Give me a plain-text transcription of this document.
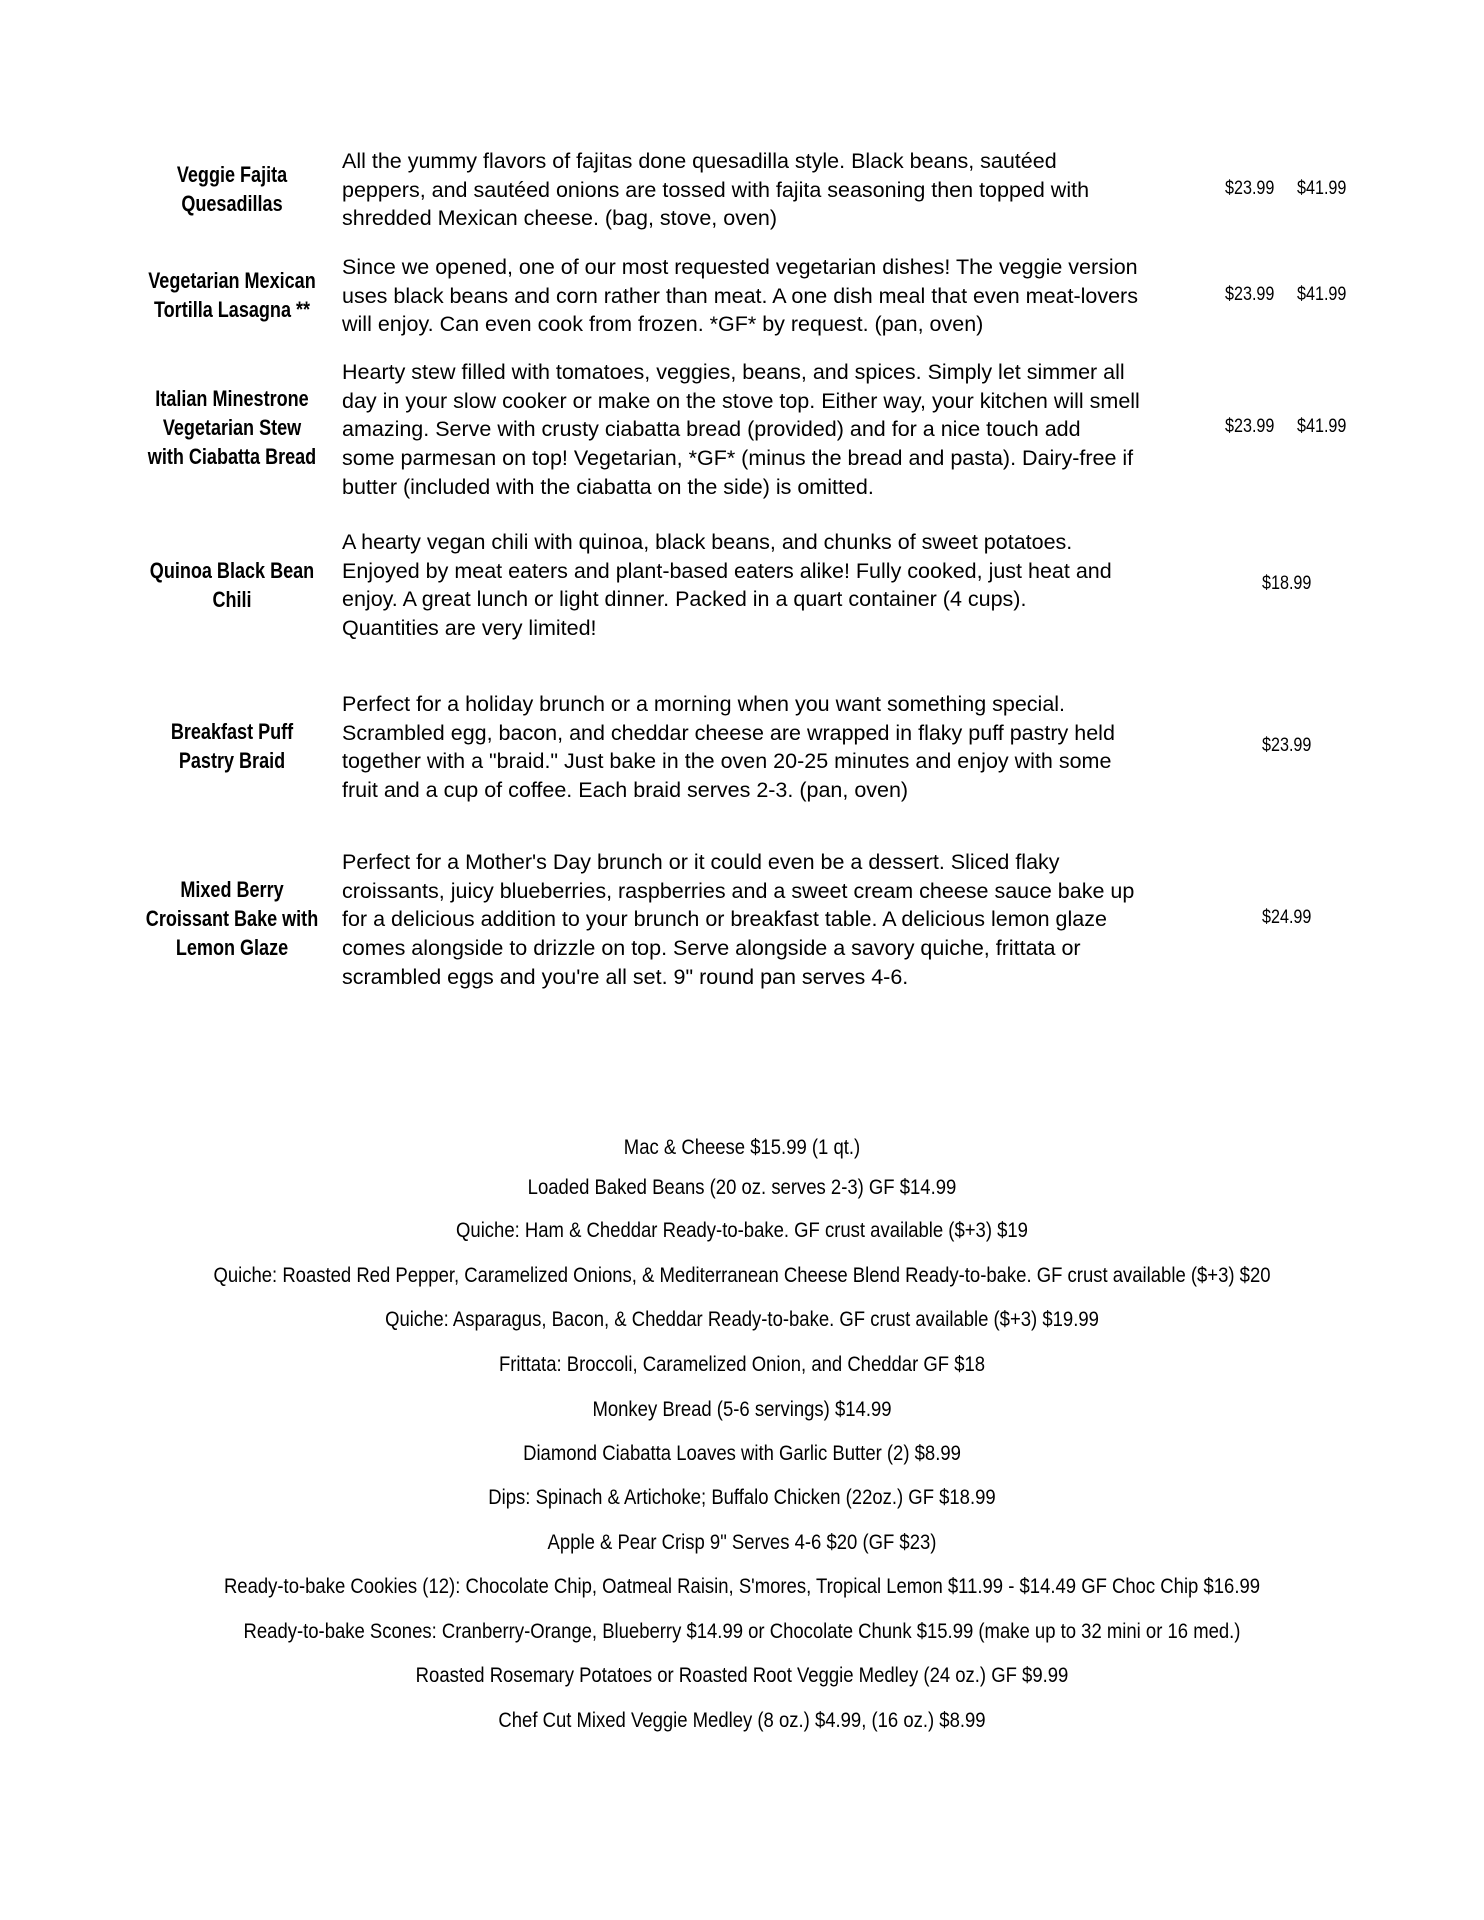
Veggie Fajita
Quesadillas
All the yummy flavors of fajitas done quesadilla style. Black beans, sautéed
peppers, and sautéed onions are tossed with fajita seasoning then topped with
shredded Mexican cheese. (bag, stove, oven)
$23.99 $41.99
Vegetarian Mexican
Tortilla Lasagna **
Since we opened, one of our most requested vegetarian dishes! The veggie version
uses black beans and corn rather than meat. A one dish meal that even meat-lovers
will enjoy. Can even cook from frozen. *GF* by request. (pan, oven)
$23.99 $41.99
Italian Minestrone
Vegetarian Stew
with Ciabatta Bread
Hearty stew filled with tomatoes, veggies, beans, and spices. Simply let simmer all
day in your slow cooker or make on the stove top. Either way, your kitchen will smell
amazing. Serve with crusty ciabatta bread (provided) and for a nice touch add
some parmesan on top! Vegetarian, *GF* (minus the bread and pasta). Dairy-free if
butter (included with the ciabatta on the side) is omitted.
$23.99 $41.99
Quinoa Black Bean
Chili
A hearty vegan chili with quinoa, black beans, and chunks of sweet potatoes.
Enjoyed by meat eaters and plant-based eaters alike! Fully cooked, just heat and
enjoy. A great lunch or light dinner. Packed in a quart container (4 cups).
Quantities are very limited!
$18.99
Breakfast Puff
Pastry Braid
Perfect for a holiday brunch or a morning when you want something special.
Scrambled egg, bacon, and cheddar cheese are wrapped in flaky puff pastry held
together with a "braid." Just bake in the oven 20-25 minutes and enjoy with some
fruit and a cup of coffee. Each braid serves 2-3. (pan, oven)
$23.99
Mixed Berry
Croissant Bake with
Lemon Glaze
Perfect for a Mother's Day brunch or it could even be a dessert. Sliced flaky
croissants, juicy blueberries, raspberries and a sweet cream cheese sauce bake up
for a delicious addition to your brunch or breakfast table. A delicious lemon glaze
comes alongside to drizzle on top. Serve alongside a savory quiche, frittata or
scrambled eggs and you're all set. 9" round pan serves 4-6.
$24.99
Mac & Cheese $15.99 (1 qt.)
Loaded Baked Beans (20 oz. serves 2-3) GF $14.99
Quiche: Ham & Cheddar Ready-to-bake. GF crust available ($+3) $19
Quiche: Roasted Red Pepper, Caramelized Onions, & Mediterranean Cheese Blend Ready-to-bake. GF crust available ($+3) $20
Quiche: Asparagus, Bacon, & Cheddar Ready-to-bake. GF crust available ($+3) $19.99
Frittata: Broccoli, Caramelized Onion, and Cheddar GF $18
Monkey Bread (5-6 servings) $14.99
Diamond Ciabatta Loaves with Garlic Butter (2) $8.99
Dips: Spinach & Artichoke; Buffalo Chicken (22oz.) GF $18.99
Apple & Pear Crisp 9" Serves 4-6 $20 (GF $23)
Ready-to-bake Cookies (12): Chocolate Chip, Oatmeal Raisin, S'mores, Tropical Lemon $11.99 - $14.49 GF Choc Chip $16.99
Ready-to-bake Scones: Cranberry-Orange, Blueberry $14.99 or Chocolate Chunk $15.99 (make up to 32 mini or 16 med.)
Roasted Rosemary Potatoes or Roasted Root Veggie Medley (24 oz.) GF $9.99
Chef Cut Mixed Veggie Medley (8 oz.) $4.99, (16 oz.) $8.99
